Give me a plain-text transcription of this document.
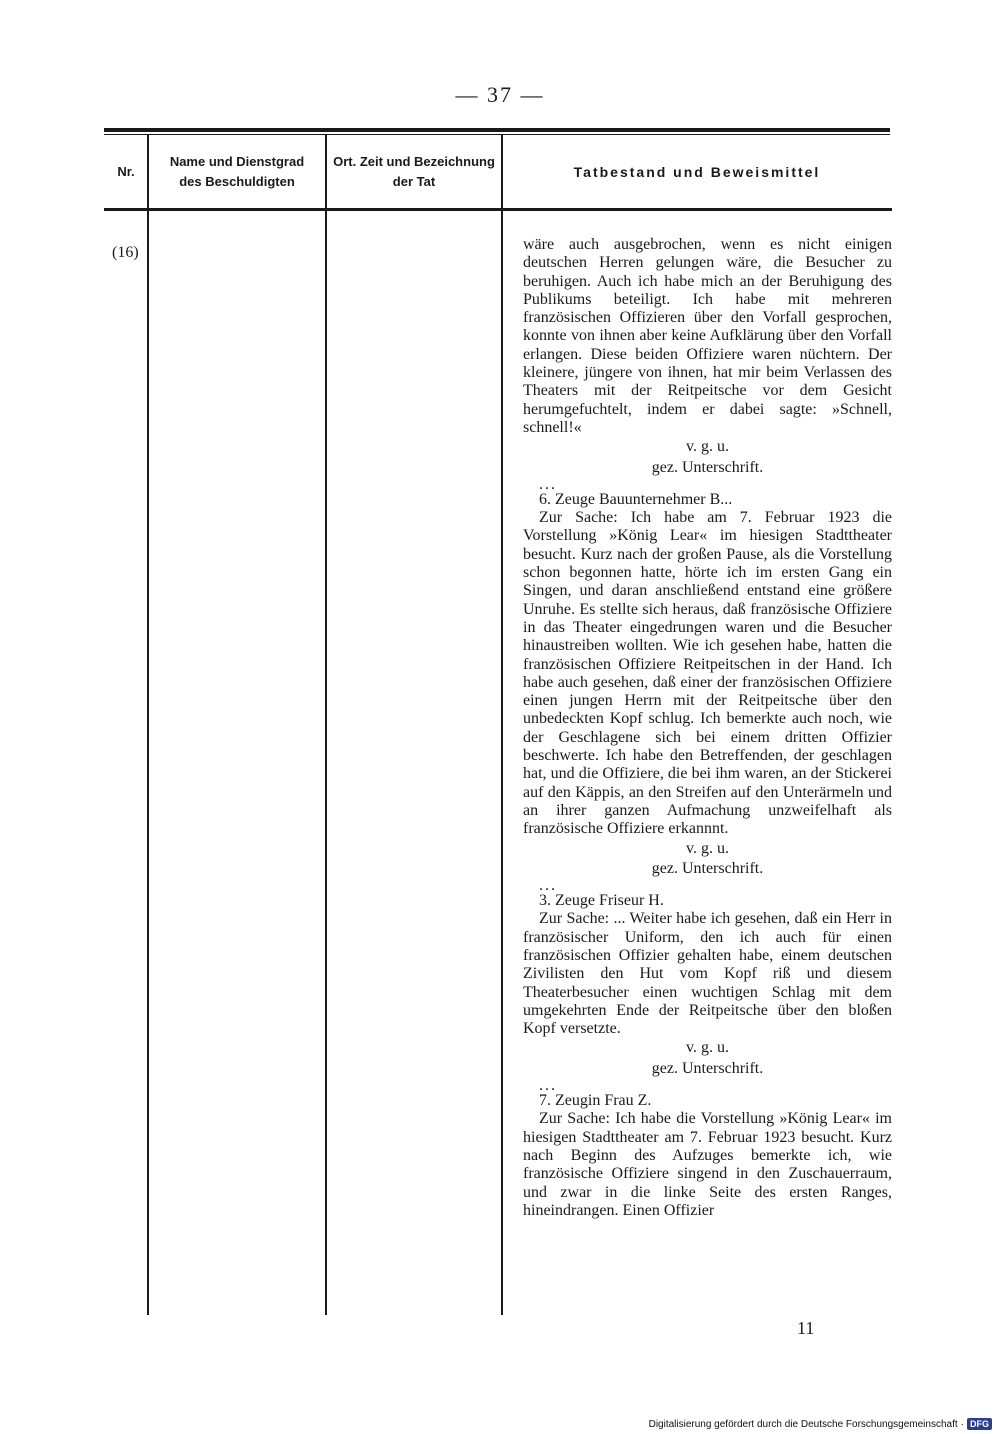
— 37 —
Nr.
Name und Dienstgrad
des Beschuldigten
Ort. Zeit und Bezeichnung
der Tat
Tatbestand und Beweismittel
(16)	wäre auch ausgebrochen, wenn es nicht einigen deutschen Herren gelungen wäre, die Besucher zu beruhigen. Auch ich habe mich an der Beruhigung des Publikums beteiligt. Ich habe mit mehreren französischen Offizieren über den Vorfall gesprochen, konnte von ihnen aber keine Aufklärung über den Vorfall erlangen. Diese beiden Offiziere waren nüchtern. Der kleinere, jüngere von ihnen, hat mir beim Verlassen des Theaters mit der Reitpeitsche vor dem Gesicht herumgefuchtelt, indem er dabei sagte: »Schnell, schnell!«

v. g. u.

gez. Unterschrift.

...

6. Zeuge Bauunternehmer B...

Zur Sache: Ich habe am 7. Februar 1923 die Vorstellung »König Lear« im hiesigen Stadttheater besucht. Kurz nach der großen Pause, als die Vorstellung schon begonnen hatte, hörte ich im ersten Gang ein Singen, und daran anschließend entstand eine größere Unruhe. Es stellte sich heraus, daß französische Offiziere in das Theater eingedrungen waren und die Besucher hinaustreiben wollten. Wie ich gesehen habe, hatten die französischen Offiziere Reitpeitschen in der Hand. Ich habe auch gesehen, daß einer der französischen Offiziere einen jungen Herrn mit der Reitpeitsche über den unbedeckten Kopf schlug. Ich bemerkte auch noch, wie der Geschlagene sich bei einem dritten Offizier beschwerte. Ich habe den Betreffenden, der geschlagen hat, und die Offiziere, die bei ihm waren, an der Stickerei auf den Käppis, an den Streifen auf den Unterärmeln und an ihrer ganzen Aufmachung unzweifelhaft als französische Offiziere erkannnt.

v. g. u.

gez. Unterschrift.

...

3. Zeuge Friseur H.

Zur Sache: ... Weiter habe ich gesehen, daß ein Herr in französischer Uniform, den ich auch für einen französischen Offizier gehalten habe, einem deutschen Zivilisten den Hut vom Kopf riß und diesem Theaterbesucher einen wuchtigen Schlag mit dem umgekehrten Ende der Reitpeitsche über den bloßen Kopf versetzte.

v. g. u.

gez. Unterschrift.

...

7. Zeugin Frau Z.

Zur Sache: Ich habe die Vorstellung »König Lear« im hiesigen Stadttheater am 7. Februar 1923 besucht. Kurz nach Beginn des Aufzuges bemerkte ich, wie französische Offiziere singend in den Zuschauerraum, und zwar in die linke Seite des ersten Ranges, hineindrangen. Einen Offizier

11
Digitalisierung gefördert durch die Deutsche Forschungsgemeinschaft · DFG
